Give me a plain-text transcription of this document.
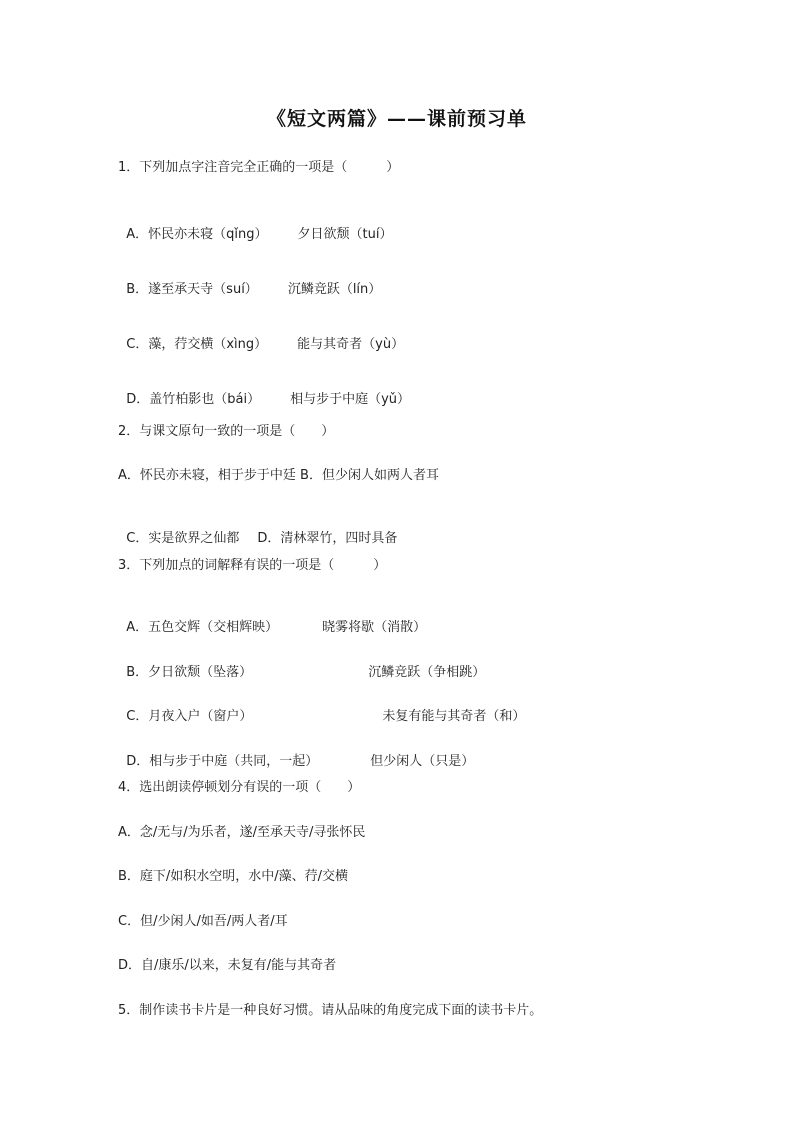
《短文两篇》——课前预习单
1．下列加点字注音完全正确的一项是（　　　）

A．怀民亦未寝（qǐng） 夕日欲颓（tuí）

B．遂至承天寺（suí） 沉鳞竞跃（lín）

C．藻，荇交横（xìng） 能与其奇者（yù）

D．盖竹柏影也（bái） 相与步于中庭（yǔ）

2．与课文原句一致的一项是（　　）
A．怀民亦未寝，相于步于中廷 B．但少闲人如两人者耳

C．实是欲界之仙都 D．清林翠竹，四时具备

3．下列加点的词解释有误的一项是（　　　）

A．五色交辉（交相辉映）	晓雾将歇（消散）

B．夕日欲颓（坠落）	沉鳞竞跃（争相跳）

C．月夜入户（窗户）	未复有能与其奇者（和）

D．相与步于中庭（共同，一起）	但少闲人（只是）

4．选出朗读停顿划分有误的一项（　　）
A．念/无与/为乐者，遂/至承天寺/寻张怀民
B．庭下/如积水空明，水中/藻、荇/交横
C．但/少闲人/如吾/两人者/耳
D．自/康乐/以来，未复有/能与其奇者
5．制作读书卡片是一种良好习惯。请从品味的角度完成下面的读书卡片。
